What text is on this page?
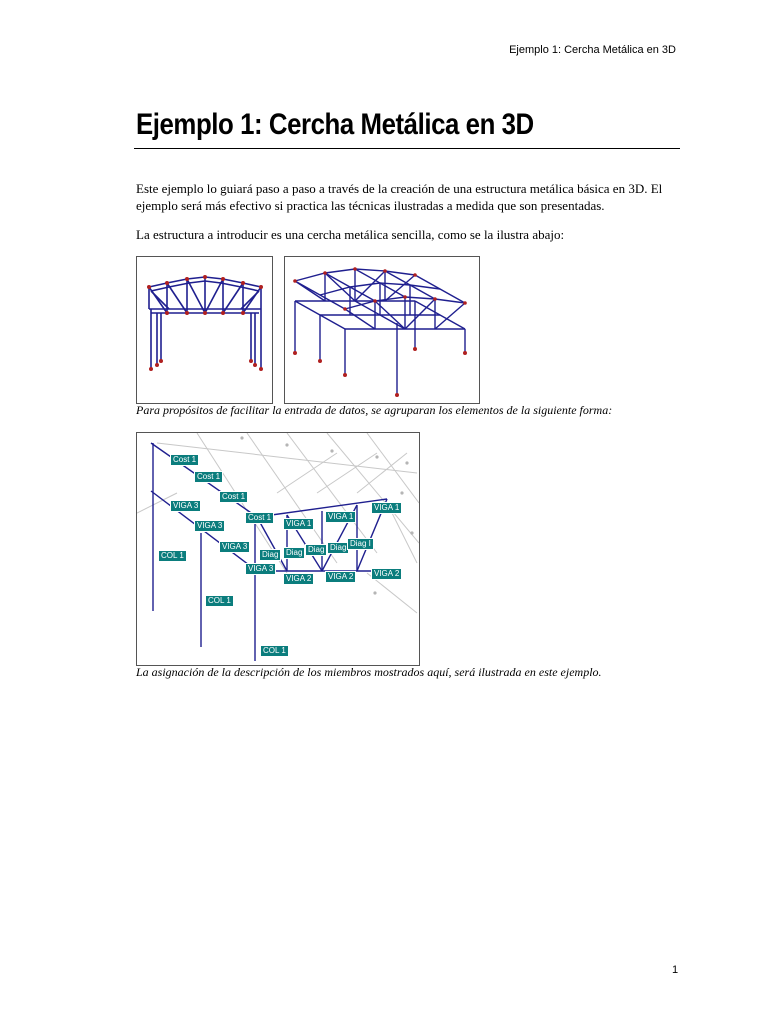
Ejemplo 1: Cercha Metálica en 3D
Ejemplo 1: Cercha Metálica en 3D

Este ejemplo lo guiará paso a paso a través de la creación de una estructura metálica básica en 3D. El ejemplo será más efectivo si practica las técnicas ilustradas a medida que son presentadas.

La estructura a introducir es una cercha metálica sencilla, como se la ilustra abajo:

Para propósitos de facilitar la entrada de datos, se agruparan los elementos de la siguiente forma:

Cost 1
Cost 1
Cost 1
Cost 1
VIGA 3
VIGA 3
VIGA 3
VIGA 3
VIGA 1
VIGA 1
VIGA 1
VIGA 2	VIGA 2	VIGA 2
COL 1
COL 1
COL 1
Diag Diag Diag Diag Diag I

La asignación de la descripción de los miembros mostrados aquí, será ilustrada en este ejemplo.

1
